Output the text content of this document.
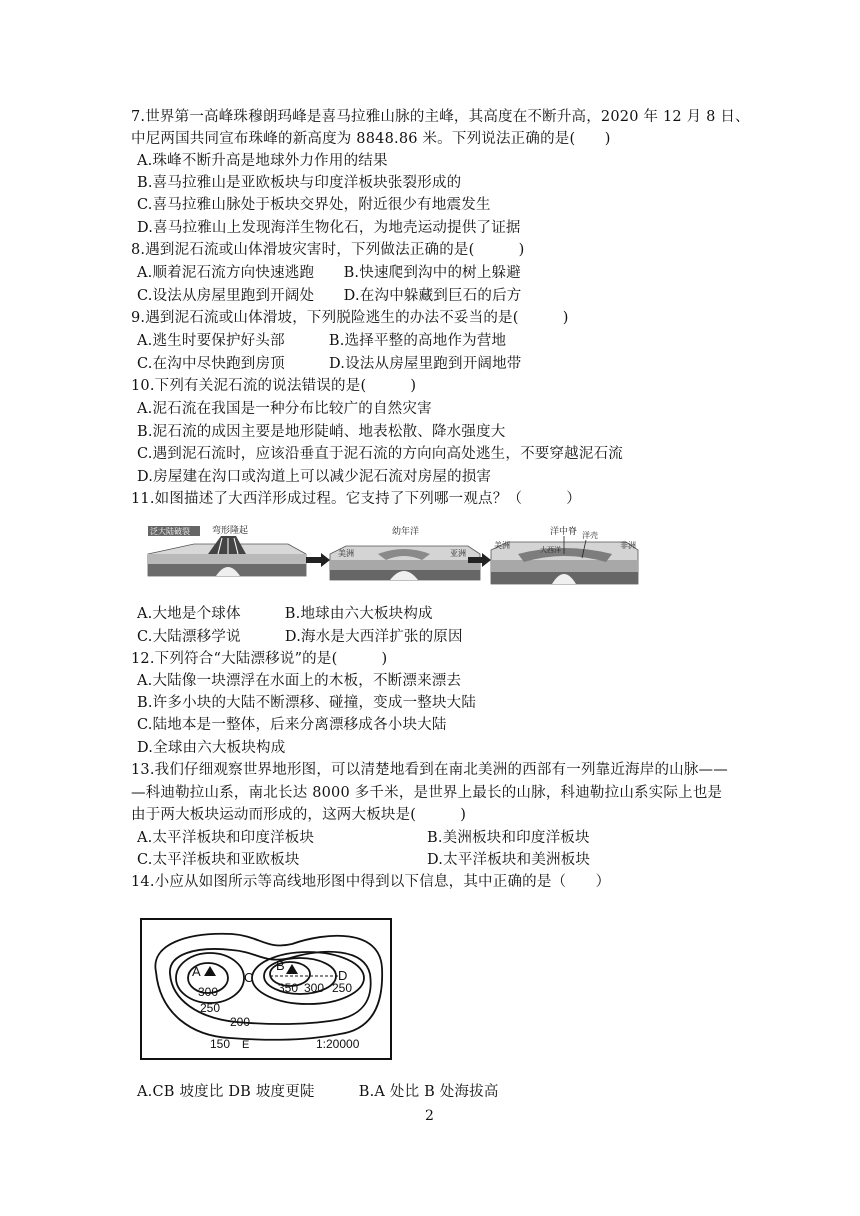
7.世界第一高峰珠穆朗玛峰是喜马拉雅山脉的主峰，其高度在不断升高，2020 年 12 月 8 日、
中尼两国共同宣布珠峰的新高度为 8848.86 米。下列说法正确的是(　　)
A.珠峰不断升高是地球外力作用的结果
B.喜马拉雅山是亚欧板块与印度洋板块张裂形成的
C.喜马拉雅山脉处于板块交界处，附近很少有地震发生
D.喜马拉雅山上发现海洋生物化石，为地壳运动提供了证据
8.遇到泥石流或山体滑坡灾害时，下列做法正确的是(　　　)
A.顺着泥石流方向快速逃跑　　B.快速爬到沟中的树上躲避
C.设法从房屋里跑到开阔处　　D.在沟中躲藏到巨石的后方
9.遇到泥石流或山体滑坡，下列脱险逃生的办法不妥当的是(　　　)
A.逃生时要保护好头部　　　B.选择平整的高地作为营地
C.在沟中尽快跑到房顶　　　D.设法从房屋里跑到开阔地带
10.下列有关泥石流的说法错误的是(　　　)
A.泥石流在我国是一种分布比较广的自然灾害
B.泥石流的成因主要是地形陡峭、地表松散、降水强度大
C.遇到泥石流时，应该沿垂直于泥石流的方向向高处逃生，不要穿越泥石流
D.房屋建在沟口或沟道上可以减少泥石流对房屋的损害
11.如图描述了大西洋形成过程。它支持了下列哪一观点？（　　　）
泛大陆破裂 弯形隆起	幼年洋
美洲	亚洲
美洲
洋中脊 洋壳
大西洋	非洲
A.大地是个球体　　　B.地球由六大板块构成
C.大陆漂移学说　　　D.海水是大西洋扩张的原因
12.下列符合“大陆漂移说”的是(　　　)
A.大陆像一块漂浮在水面上的木板，不断漂来漂去
B.许多小块的大陆不断漂移、碰撞，变成一整块大陆
C.陆地本是一整体，后来分离漂移成各小块大陆
D.全球由六大板块构成
13.我们仔细观察世界地形图，可以清楚地看到在南北美洲的西部有一列靠近海岸的山脉——
—科迪勒拉山系，南北长达 8000 多千米，是世界上最长的山脉，科迪勒拉山系实际上也是
由于两大板块运动而形成的，这两大板块是(　　　)
A.太平洋板块和印度洋板块	B.美洲板块和印度洋板块
C.太平洋板块和亚欧板块	D.太平洋板块和美洲板块
14.小应从如图所示等高线地形图中得到以下信息，其中正确的是（　　）
A	B
C	D
E
300
250
350 300 250
200
150	1:20000
A.CB 坡度比 DB 坡度更陡　　　B.A 处比 B 处海拔高
2
